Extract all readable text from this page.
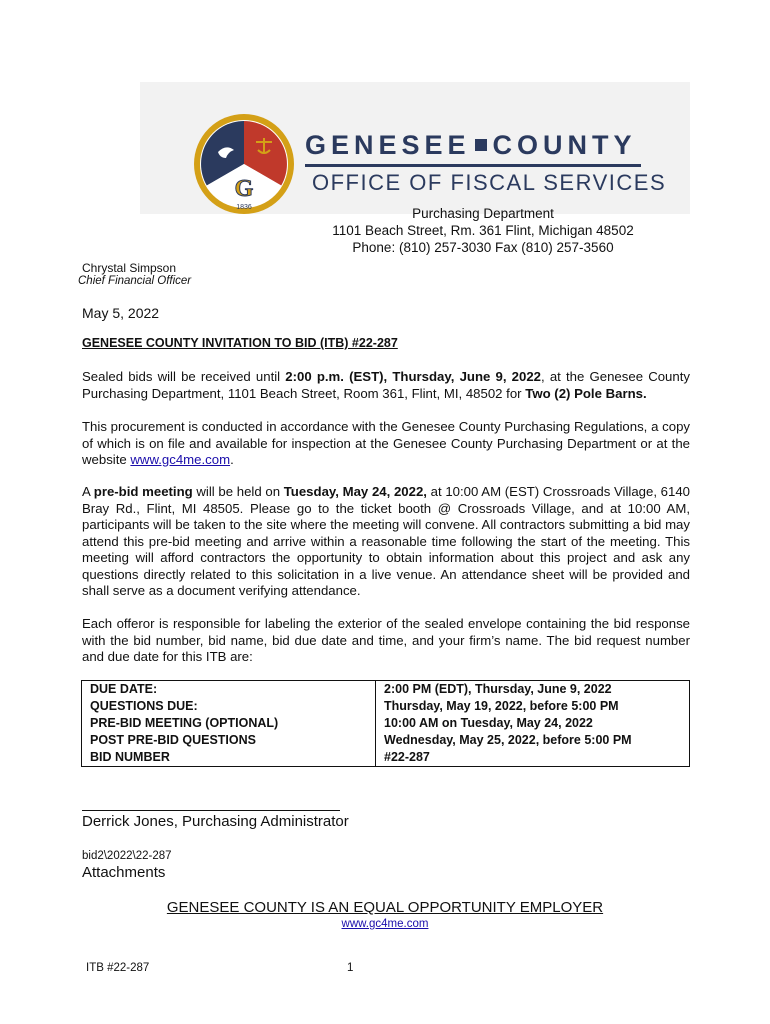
G
1836
GENESEE COUNTY
OFFICE OF FISCAL SERVICES
Purchasing Department
1101 Beach Street, Rm. 361 Flint, Michigan 48502
Phone: (810) 257-3030 Fax (810) 257-3560
Chrystal Simpson
Chief Financial Officer
May 5, 2022
GENESEE COUNTY INVITATION TO BID (ITB) #22-287
Sealed bids will be received until 2:00 p.m. (EST), Thursday, June 9, 2022, at the Genesee County Purchasing Department, 1101 Beach Street, Room 361, Flint, MI, 48502 for Two (2) Pole Barns.
This procurement is conducted in accordance with the Genesee County Purchasing Regulations, a copy of which is on file and available for inspection at the Genesee County Purchasing Department or at the website www.gc4me.com.
A pre-bid meeting will be held on Tuesday, May 24, 2022, at 10:00 AM (EST) Crossroads Village, 6140 Bray Rd., Flint, MI 48505. Please go to the ticket booth @ Crossroads Village, and at 10:00 AM, participants will be taken to the site where the meeting will convene. All contractors submitting a bid may attend this pre-bid meeting and arrive within a reasonable time following the start of the meeting. This meeting will afford contractors the opportunity to obtain information about this project and ask any questions directly related to this solicitation in a live venue. An attendance sheet will be provided and shall serve as a document verifying attendance.
Each offeror is responsible for labeling the exterior of the sealed envelope containing the bid response with the bid number, bid name, bid due date and time, and your firm’s name. The bid request number and due date for this ITB are:
DUE DATE:	2:00 PM (EDT), Thursday, June 9, 2022
QUESTIONS DUE:	Thursday, May 19, 2022, before 5:00 PM
PRE-BID MEETING (OPTIONAL)	10:00 AM on Tuesday, May 24, 2022
POST PRE-BID QUESTIONS	Wednesday, May 25, 2022, before 5:00 PM
BID NUMBER	#22-287
Derrick Jones, Purchasing Administrator
bid2\2022\22-287
Attachments
GENESEE COUNTY IS AN EQUAL OPPORTUNITY EMPLOYER
www.gc4me.com
ITB #22-287	1
